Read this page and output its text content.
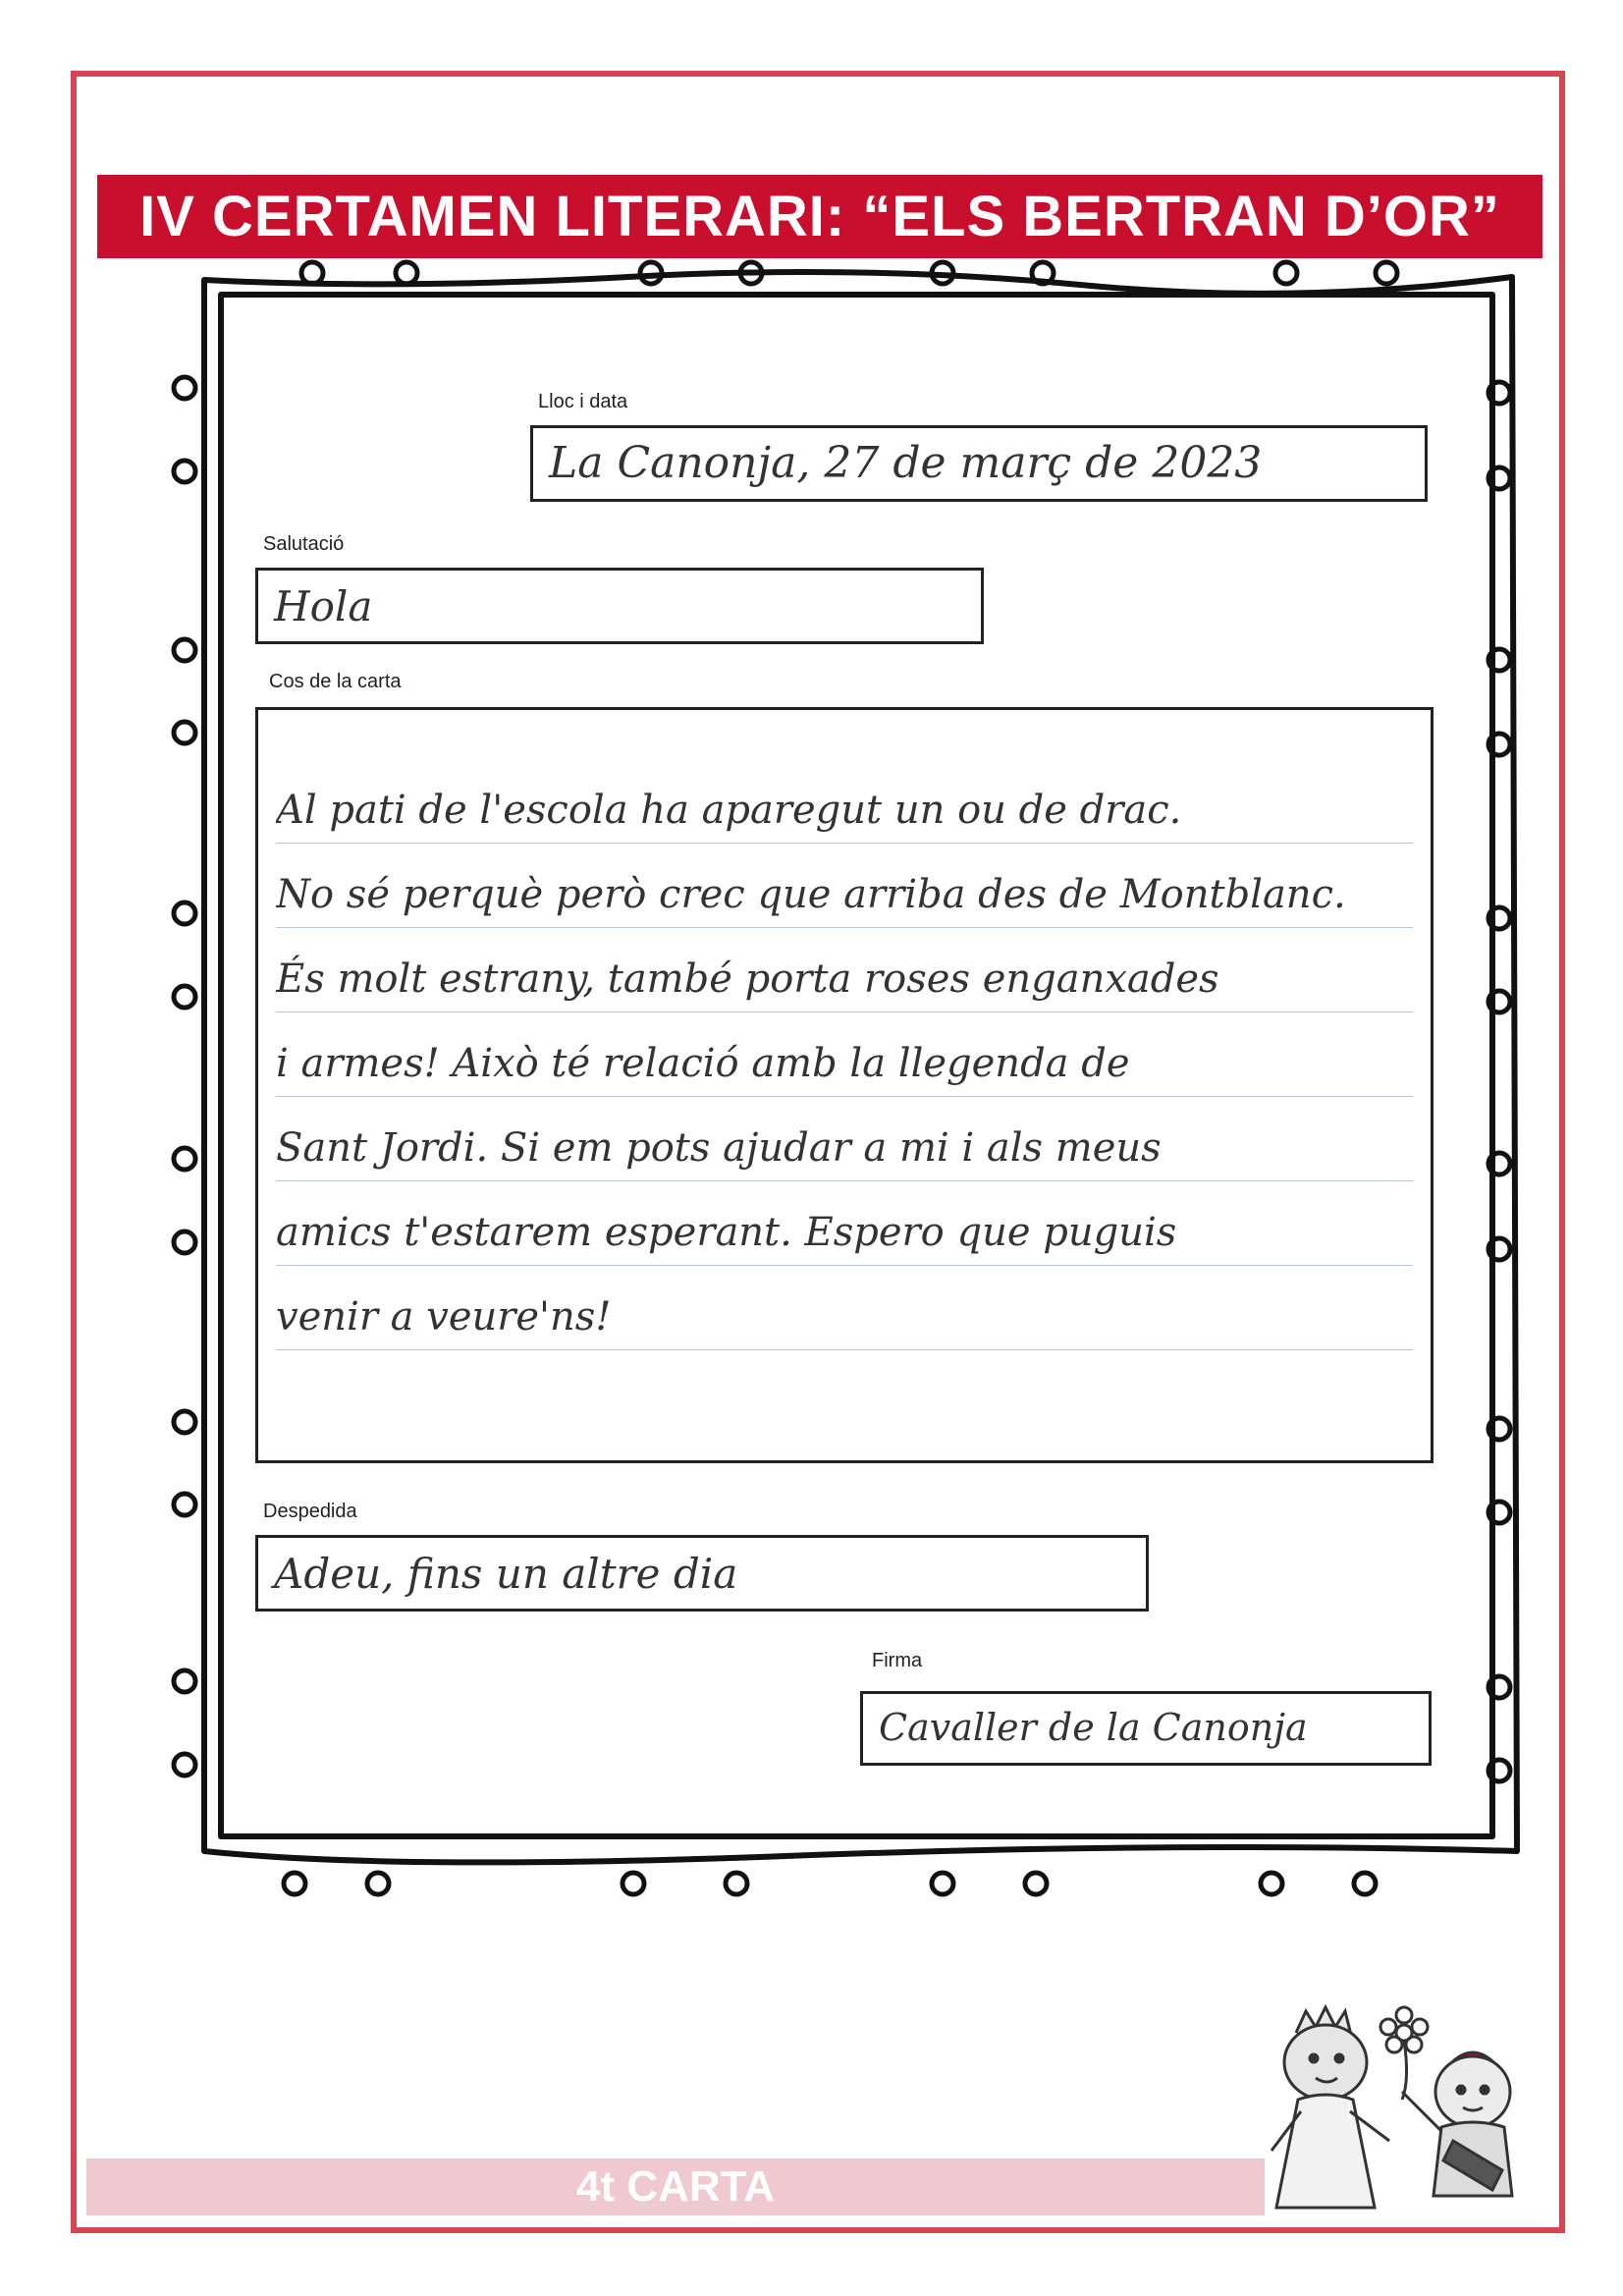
IV CERTAMEN LITERARI: “ELS BERTRAN D’OR”
Lloc i data
La Canonja, 27 de març de 2023
Salutació
Hola
Cos de la carta
Al pati de l'escola ha aparegut un ou de drac.
No sé perquè però crec que arriba des de Montblanc.
És molt estrany, també porta roses enganxades
i armes! Això té relació amb la llegenda de
Sant Jordi. Si em pots ajudar a mi i als meus
amics t'estarem esperant. Espero que puguis
venir a veure'ns!
Despedida
Adeu, fins un altre dia
Firma
Cavaller de la Canonja
4t CARTA
